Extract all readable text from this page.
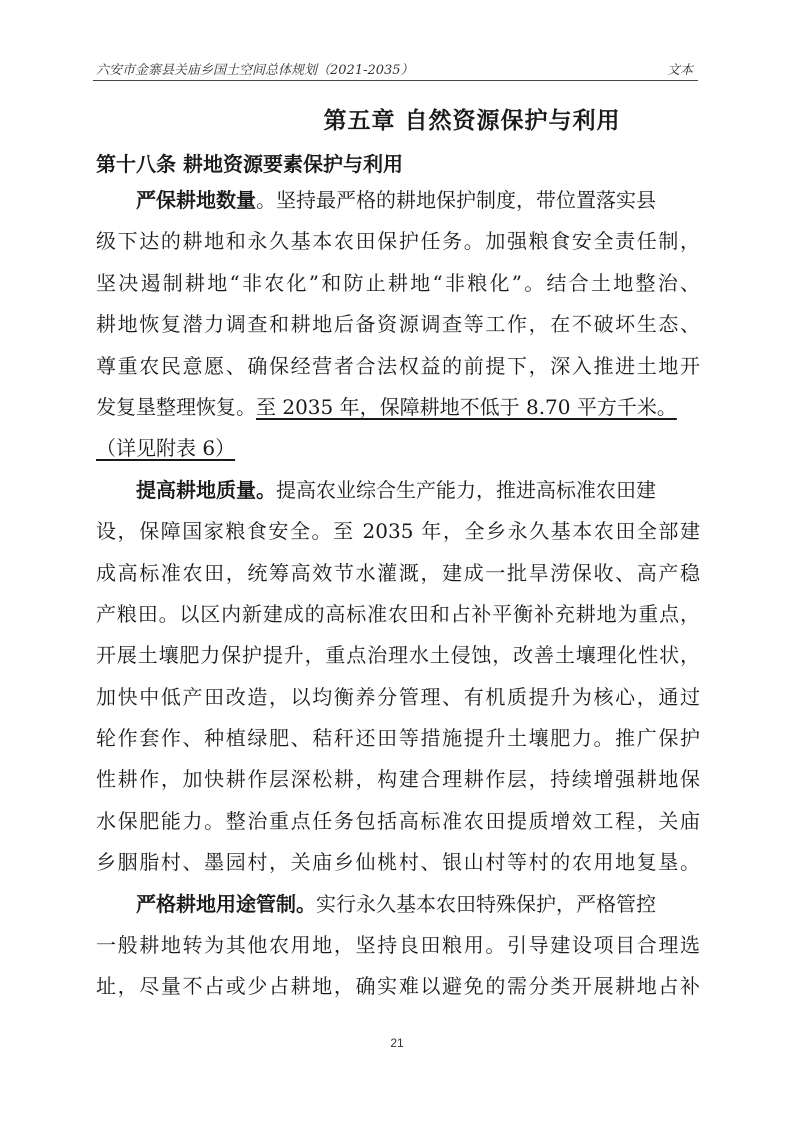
六安市金寨县关庙乡国土空间总体规划（2021-2035）	文本
第五章 自然资源保护与利用
第十八条 耕地资源要素保护与利用
严保耕地数量。坚持最严格的耕地保护制度，带位置落实县
级下达的耕地和永久基本农田保护任务。加强粮食安全责任制，
坚决遏制耕地“非农化”和防止耕地“非粮化”。结合土地整治、
耕地恢复潜力调查和耕地后备资源调查等工作，在不破坏生态、
尊重农民意愿、确保经营者合法权益的前提下，深入推进土地开
发复垦整理恢复。至 2035 年，保障耕地不低于 8.70 平方千米。
（详见附表 6）
提高耕地质量。提高农业综合生产能力，推进高标准农田建
设，保障国家粮食安全。至 2035 年，全乡永久基本农田全部建
成高标准农田，统筹高效节水灌溉，建成一批旱涝保收、高产稳
产粮田。以区内新建成的高标准农田和占补平衡补充耕地为重点，
开展土壤肥力保护提升，重点治理水土侵蚀，改善土壤理化性状，
加快中低产田改造，以均衡养分管理、有机质提升为核心，通过
轮作套作、种植绿肥、秸秆还田等措施提升土壤肥力。推广保护
性耕作，加快耕作层深松耕，构建合理耕作层，持续增强耕地保
水保肥能力。整治重点任务包括高标准农田提质增效工程，关庙
乡胭脂村、墨园村，关庙乡仙桃村、银山村等村的农用地复垦。
严格耕地用途管制。实行永久基本农田特殊保护，严格管控
一般耕地转为其他农用地，坚持良田粮用。引导建设项目合理选
址，尽量不占或少占耕地，确实难以避免的需分类开展耕地占补
21
